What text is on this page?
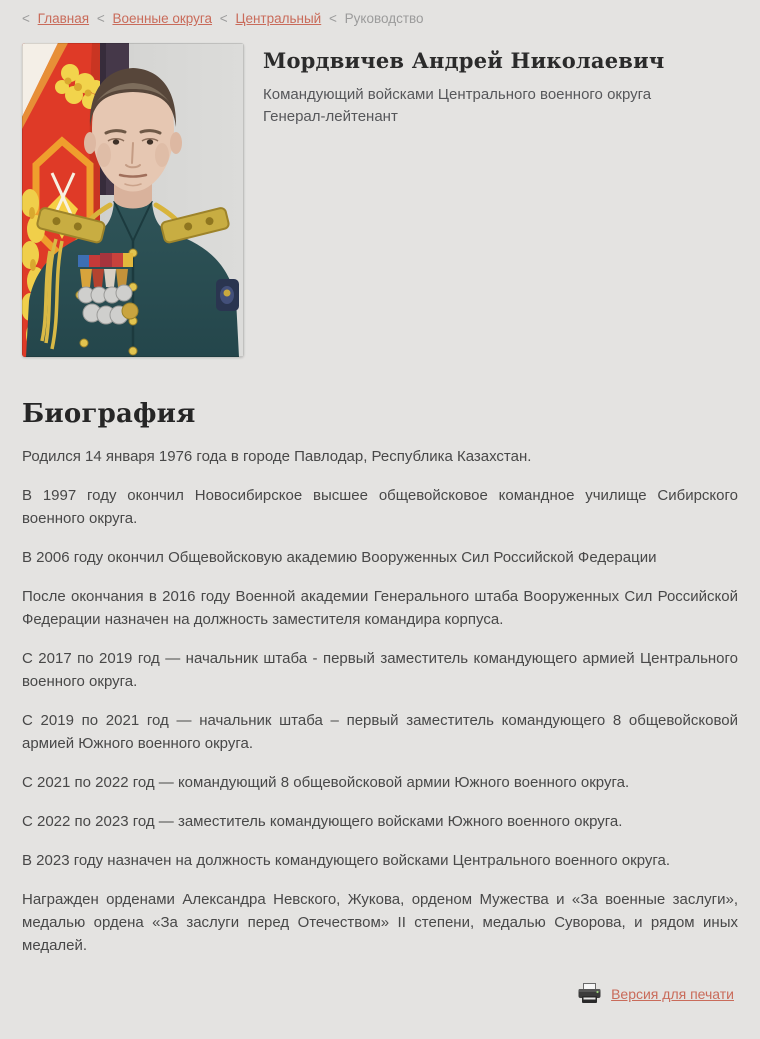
< Главная < Военные округа < Центральный < Руководство
Мордвичев Андрей Николаевич
Командующий войсками Центрального военного округа
Генерал-лейтенант
Биография

Родился 14 января 1976 года в городе Павлодар, Республика Казахстан.

В 1997 году окончил Новосибирское высшее общевойсковое командное училище Сибирского военного округа.

В 2006 году окончил Общевойсковую академию Вооруженных Сил Российской Федерации

После окончания в 2016 году Военной академии Генерального штаба Вооруженных Сил Российской Федерации назначен на должность заместителя командира корпуса.

С 2017 по 2019 год — начальник штаба - первый заместитель командующего армией Центрального военного округа.

С 2019 по 2021 год — начальник штаба – первый заместитель командующего 8 общевойсковой армией Южного военного округа.

С 2021 по 2022 год — командующий 8 общевойсковой армии Южного военного округа.

С 2022 по 2023 год — заместитель командующего войсками Южного военного округа.

В 2023 году назначен на должность командующего войсками Центрального военного округа.

Награжден орденами Александра Невского, Жукова, орденом Мужества и «За военные заслуги», медалью ордена «За заслуги перед Отечеством» II степени, медалью Суворова, и рядом иных медалей.

Версия для печати
